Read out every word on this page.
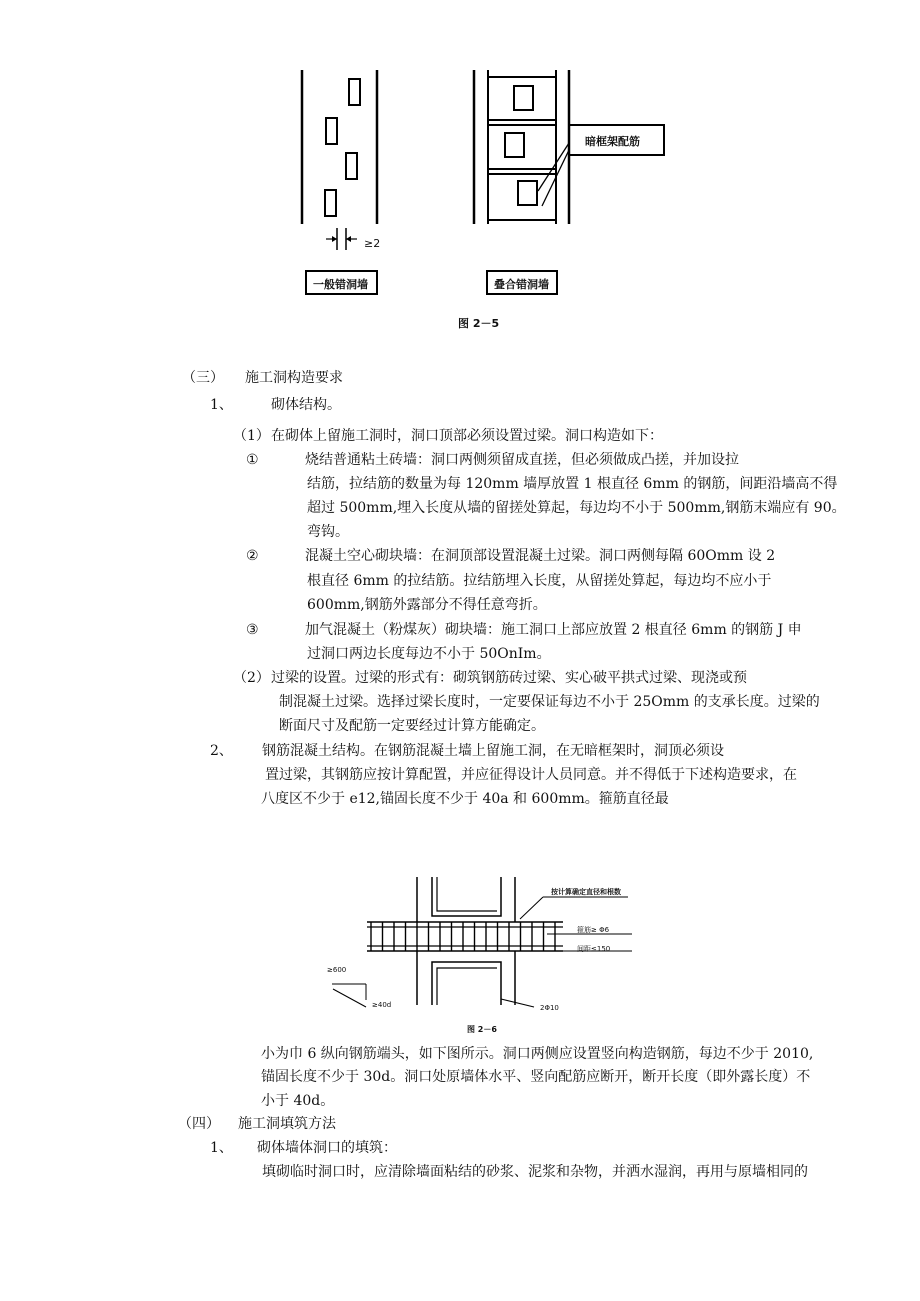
一般错洞墙	叠合错洞墙
暗框架配筋
≥2
图 2－5
（三） 施工洞构造要求
1、	砌体结构。
（1） 在砌体上留施工洞时，洞口顶部必须设置过梁。洞口构造如下：
①	烧结普通粘土砖墙：洞口两侧须留成直搓，但必须做成凸搓，并加设拉
结筋，拉结筋的数量为每 120mm 墙厚放置 1 根直径 6mm 的钢筋，间距沿墙高不得
超过 500mm,埋入长度从墙的留搓处算起，每边均不小于 500mm,钢筋末端应有 90。
弯钩。
②	混凝土空心砌块墙：在洞顶部设置混凝土过梁。洞口两侧每隔 60Omm 设 2
根直径 6mm 的拉结筋。拉结筋埋入长度，从留搓处算起，每边均不应小于
600mm,钢筋外露部分不得任意弯折。
③	加气混凝土（粉煤灰）砌块墙：施工洞口上部应放置 2 根直径 6mm 的钢筋 J 申
过洞口两边长度每边不小于 50OnIm。
（2） 过梁的设置。过梁的形式有：砌筑钢筋砖过梁、实心破平拱式过梁、现浇或预
制混凝土过梁。选择过梁长度时，一定要保证每边不小于 25Omm 的支承长度。过梁的
断面尺寸及配筋一定要经过计算方能确定。
2、 钢筋混凝土结构。在钢筋混凝土墙上留施工洞，在无暗框架时，洞顶必须设
置过梁，其钢筋应按计算配置，并应征得设计人员同意。并不得低于下述构造要求，在
八度区不少于 e12,锚固长度不少于 40a 和 600mm。箍筋直径最
按计算确定直径和根数
箍筋≥ Φ6
间距≤150
≥600
≥40d	2Φ10
图 2－6
小为巾 6 纵向钢筋端头，如下图所示。洞口两侧应设置竖向构造钢筋，每边不少于 2010,
锚固长度不少于 30d。洞口处原墙体水平、竖向配筋应断开，断开长度（即外露长度）不
小于 40d。
（四） 施工洞填筑方法
1、 砌体墙体洞口的填筑：
填砌临时洞口时，应清除墙面粘结的砂浆、泥浆和杂物，并洒水湿润，再用与原墙相同的
